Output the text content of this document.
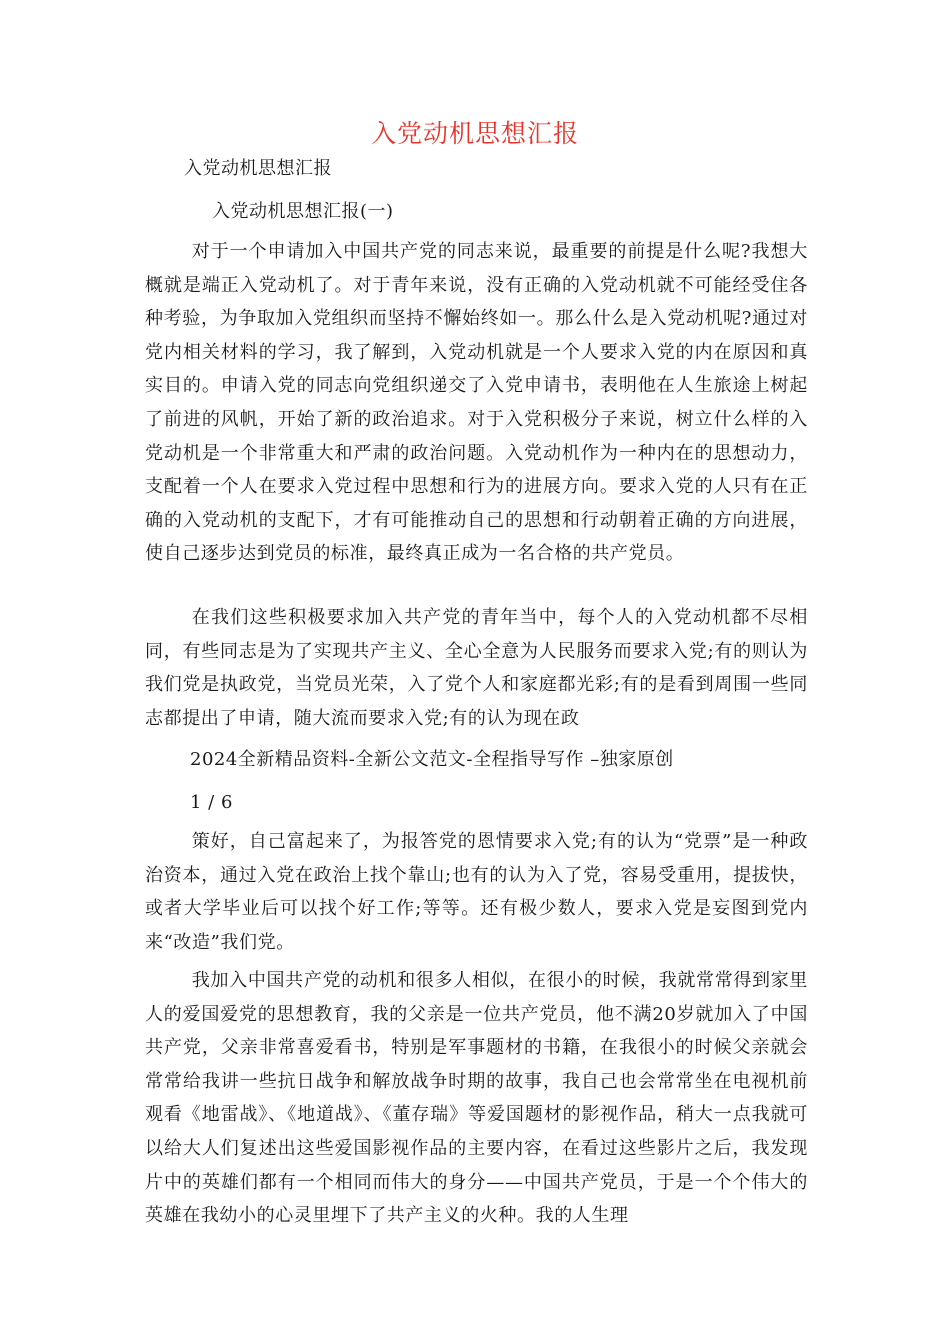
入党动机思想汇报
入党动机思想汇报
入党动机思想汇报(一)
对于一个申请加入中国共产党的同志来说，最重要的前提是什么呢?我想大概就是端正入党动机了。对于青年来说，没有正确的入党动机就不可能经受住各种考验，为争取加入党组织而坚持不懈始终如一。那么什么是入党动机呢?通过对党内相关材料的学习，我了解到，入党动机就是一个人要求入党的内在原因和真实目的。申请入党的同志向党组织递交了入党申请书，表明他在人生旅途上树起了前进的风帆，开始了新的政治追求。对于入党积极分子来说，树立什么样的入党动机是一个非常重大和严肃的政治问题。入党动机作为一种内在的思想动力，支配着一个人在要求入党过程中思想和行为的进展方向。要求入党的人只有在正确的入党动机的支配下，才有可能推动自己的思想和行动朝着正确的方向进展，使自己逐步达到党员的标准，最终真正成为一名合格的共产党员。
在我们这些积极要求加入共产党的青年当中，每个人的入党动机都不尽相同，有些同志是为了实现共产主义、全心全意为人民服务而要求入党;有的则认为我们党是执政党，当党员光荣，入了党个人和家庭都光彩;有的是看到周围一些同志都提出了申请，随大流而要求入党;有的认为现在政
2024全新精品资料-全新公文范文-全程指导写作 –独家原创
1 / 6
策好，自己富起来了，为报答党的恩情要求入党;有的认为“党票”是一种政治资本，通过入党在政治上找个靠山;也有的认为入了党，容易受重用，提拔快，或者大学毕业后可以找个好工作;等等。还有极少数人，要求入党是妄图到党内来“改造”我们党。
我加入中国共产党的动机和很多人相似，在很小的时候，我就常常得到家里人的爱国爱党的思想教育，我的父亲是一位共产党员，他不满20岁就加入了中国共产党，父亲非常喜爱看书，特别是军事题材的书籍，在我很小的时候父亲就会常常给我讲一些抗日战争和解放战争时期的故事，我自己也会常常坐在电视机前观看《地雷战》、《地道战》、《董存瑞》等爱国题材的影视作品，稍大一点我就可以给大人们复述出这些爱国影视作品的主要内容，在看过这些影片之后，我发现片中的英雄们都有一个相同而伟大的身分——中国共产党员，于是一个个伟大的英雄在我幼小的心灵里埋下了共产主义的火种。我的人生理
